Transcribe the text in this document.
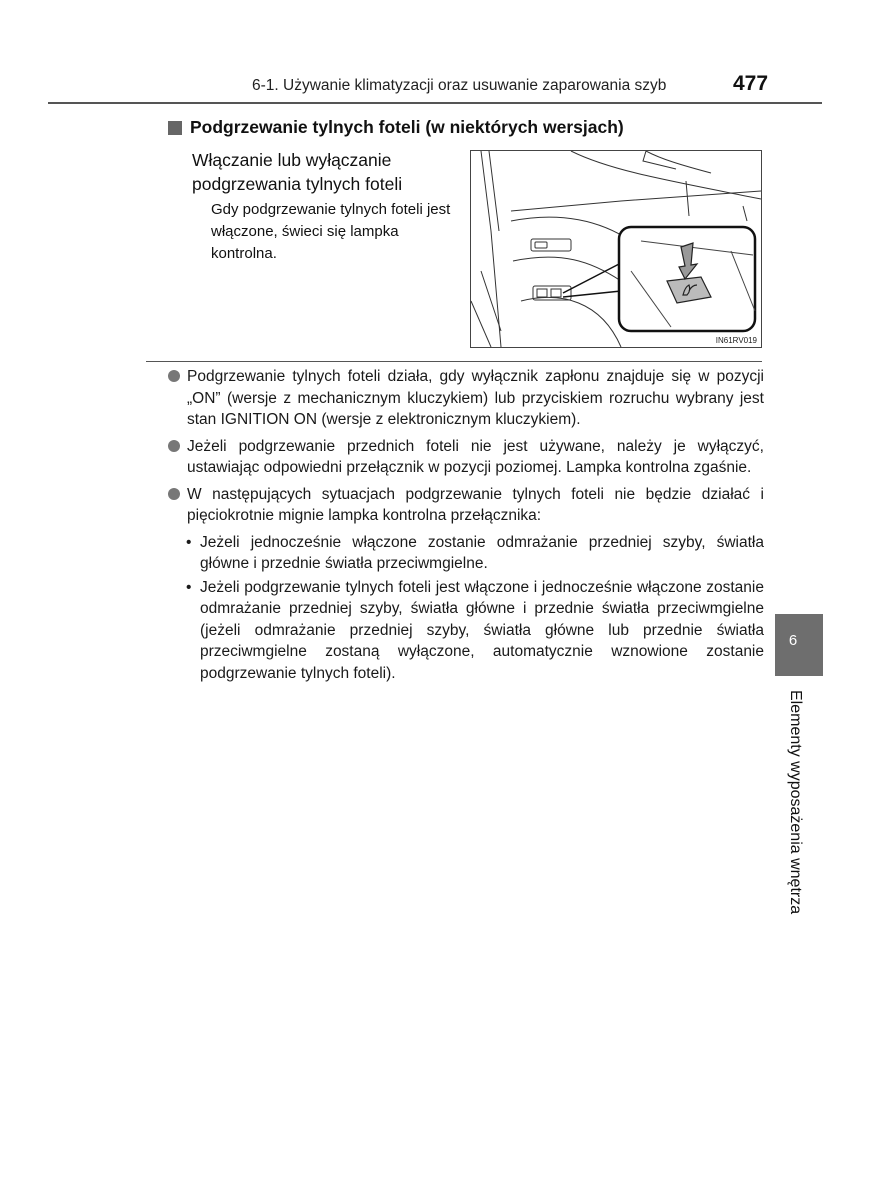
6-1. Używanie klimatyzacji oraz usuwanie zaparowania szyb	477
Podgrzewanie tylnych foteli (w niektórych wersjach)
Włączanie lub wyłączanie podgrzewania tylnych foteli
Gdy podgrzewanie tylnych foteli jest włączone, świeci się lampka kontrolna.
IN61RV019
Podgrzewanie tylnych foteli działa, gdy wyłącznik zapłonu znajduje się w pozycji „ON” (wersje z mechanicznym kluczykiem) lub przyciskiem rozruchu wybrany jest stan IGNITION ON (wersje z elektronicznym kluczykiem).
Jeżeli podgrzewanie przednich foteli nie jest używane, należy je wyłączyć, ustawiając odpowiedni przełącznik w pozycji poziomej. Lampka kontrolna zgaśnie.
W następujących sytuacjach podgrzewanie tylnych foteli nie będzie działać i pięciokrotnie mignie lampka kontrolna przełącznika:
• Jeżeli jednocześnie włączone zostanie odmrażanie przedniej szyby, światła główne i przednie światła przeciwmgielne.
• Jeżeli podgrzewanie tylnych foteli jest włączone i jednocześnie włączone zostanie odmrażanie przedniej szyby, światła główne i przednie światła przeciwmgielne (jeżeli odmrażanie przedniej szyby, światła główne lub przednie światła przeciwmgielne zostaną wyłączone, automatycznie wznowione zostanie podgrzewanie tylnych foteli).
6
Elementy wyposażenia wnętrza
